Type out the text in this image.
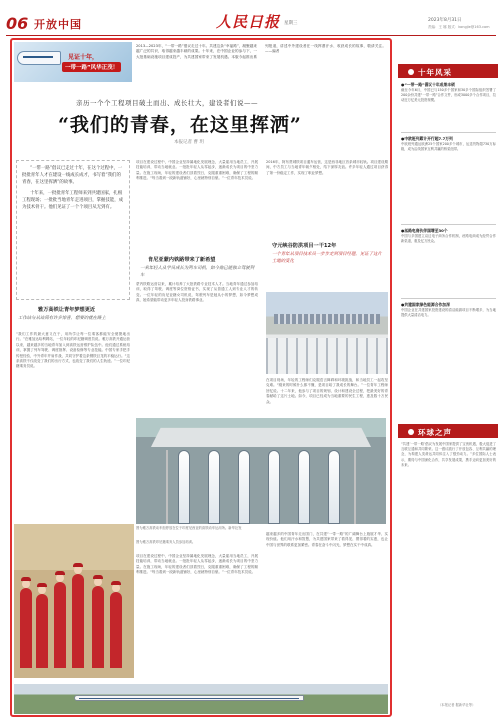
06 开放中国	人民日报 星期三
2023年8月31日
责编：王 娜 版式：kongjie@163.com
见证十年，
一带一路”风华正茂！
2013—2023年，“一带一路”倡议走过十年。共建这条“幸福路”，凝聚越来越广泛的共识，取得越来越丰硕的成果。十年来，在中国企业的参与下，一大批基础设施项目建成投产，为共建国家带来了发展机遇。本版今起推出系列报道，讲述中外建设者在一线挥洒汗水、收获成长的故事，敬请关注。——编者
亲历一个个工程项目破土而出、成长壮大，建设者们说——
“我们的青春，在这里挥洒”
本报记者 曹 玥

“一带一路”倡议已走过十年，在这个过程中，一批批青年人才在建设一线成长成才，书写着“我们的青春，在这里挥洒”的故事。

十年来，一批批青年工程师来到共建国家，扎根工程现场；一批批当地青年走进项目，掌握技能，成为技术骨干。他们见证了一个个项目从无到有。

雅万高铁让青年梦想更近
工作站与从站间有许多惊喜，想要的就在路上
“我们工作的最大意义在于，用所学让每一位乘客都能安全便捷地出行。”在雅加达哈利姆站，一位年轻的印尼籍调度员说。雅万高铁开通运营以来，越来越多的当地青年加入到高铁运营维护队伍中。他们通过系统培训，掌握了列车驾驶、调度指挥、设备检修等专业技能。中国专家手把手传授经验，中外青年并肩作战，共同守护着这条钢铁巨龙的平稳运行。“这条高铁不仅改变了我们的出行方式，也改变了我们的人生轨迹。”一位印尼籍乘务员说。
项目在建设过程中，中国企业坚持属地化发展理念，大量雇用当地员工，开展技能培训，带动当地就业。一批批年轻人从零起步，逐渐成长为项目的中坚力量。在施工现场，年轻的建设者们顶着烈日，克服重重困难，确保了工程的顺利推进。“每当看到一段新轨道铺好，心里就特别自豪。”一位青年技术员说。
肯尼亚蒙内铁路带来了新希望
一名年轻人从学员成长为列车司机，如今他已能独立驾驶列车
蒙内铁路运营以来，累计培养了大批铁路专业技术人才。当地青年通过参加培训，取得了驾驶、调度等岗位资格证书，实现了从普通工人到专业人才的转变。一位年轻的肯尼亚籍女司机说，驾驶列车是她从小的梦想，如今梦想成真，她希望能带动更多年轻人投身铁路事业。
2016年，阿布贾城铁项目通车运营，这是西非地区首条城市轻轨。项目建设期间，中方员工与当地青年朝夕相处，结下深厚友谊。许多年轻人通过项目获得了第一份稳定工作，实现了职业梦想。
守元峡谷防洪项目一干12年
一个青年从项目技术员一步步走到项目经理，见证了这片土地的变化
在项目现场，年轻的工程师们克服语言障碍和环境挑战，和当地员工一起攻坚克难。“刚来的时候什么都不懂，是项目给了我成长的舞台。”一位青年工程师回忆说。十二年来，他参与了项目的规划、设计和建设全过程，把最美好的青春献给了这片土地。如今，项目已经成为当地重要的民生工程，惠及数十万民众。
图为雅万高铁动车组停放在位于印度尼西亚的高铁动车运用所。新华社发
图为雅万高铁印尼籍乘务人员参加培训。
项目在建设过程中，中国企业坚持属地化发展理念，大量雇用当地员工，开展技能培训，带动当地就业。一批批年轻人从零起步，逐渐成长为项目的中坚力量。在施工现场，年轻的建设者们顶着烈日，克服重重困难，确保了工程的顺利推进。“每当看到一段新轨道铺好，心里就特别自豪。”一位青年技术员说。
越来越多的中国青年走出国门，在共建“一带一路”的广阔舞台上施展才华、实现价值。他们用汗水和智慧，为共建国家带来了看得见、摸得着的实惠，也让中国与世界的联系更加紧密。青春在奋斗中闪光，梦想在实干中成真。
十年风采
●“一带一路”倡议十年成果丰硕
截至今年6月，中国已与150多个国家和30多个国际组织签署了200余份共建“一带一路”合作文件，形成3000多个合作项目，拉动近万亿美元投资规模。
●中欧班列累计开行超7.7万列
中欧班列通达欧洲25个国家200多个城市，运送货物超730万标箱，成为沿线国家互利共赢的桥梁纽带。
●丝路电商伙伴国增至30个
中国与多国建立双边电子商务合作机制，丝路电商成为经贸合作新渠道，惠及亿万民众。
●共建国家绿色能源合作加深
中国企业在共建国家投资建设的清洁能源项目不断增多，为当地提供大量清洁电力。
环球之声
“共建‘一带一路’倡议为发展中国家提供了宝贵机遇，极大促进了互联互通和共同繁荣。这一倡议践行了开放包容、互利共赢的理念，为构建人类命运共同体注入了强劲动力。”多位国际人士表示，期待与中国深化合作，共享发展成果，携手迈向更加美好的未来。
（本报记者 据新华社等）
